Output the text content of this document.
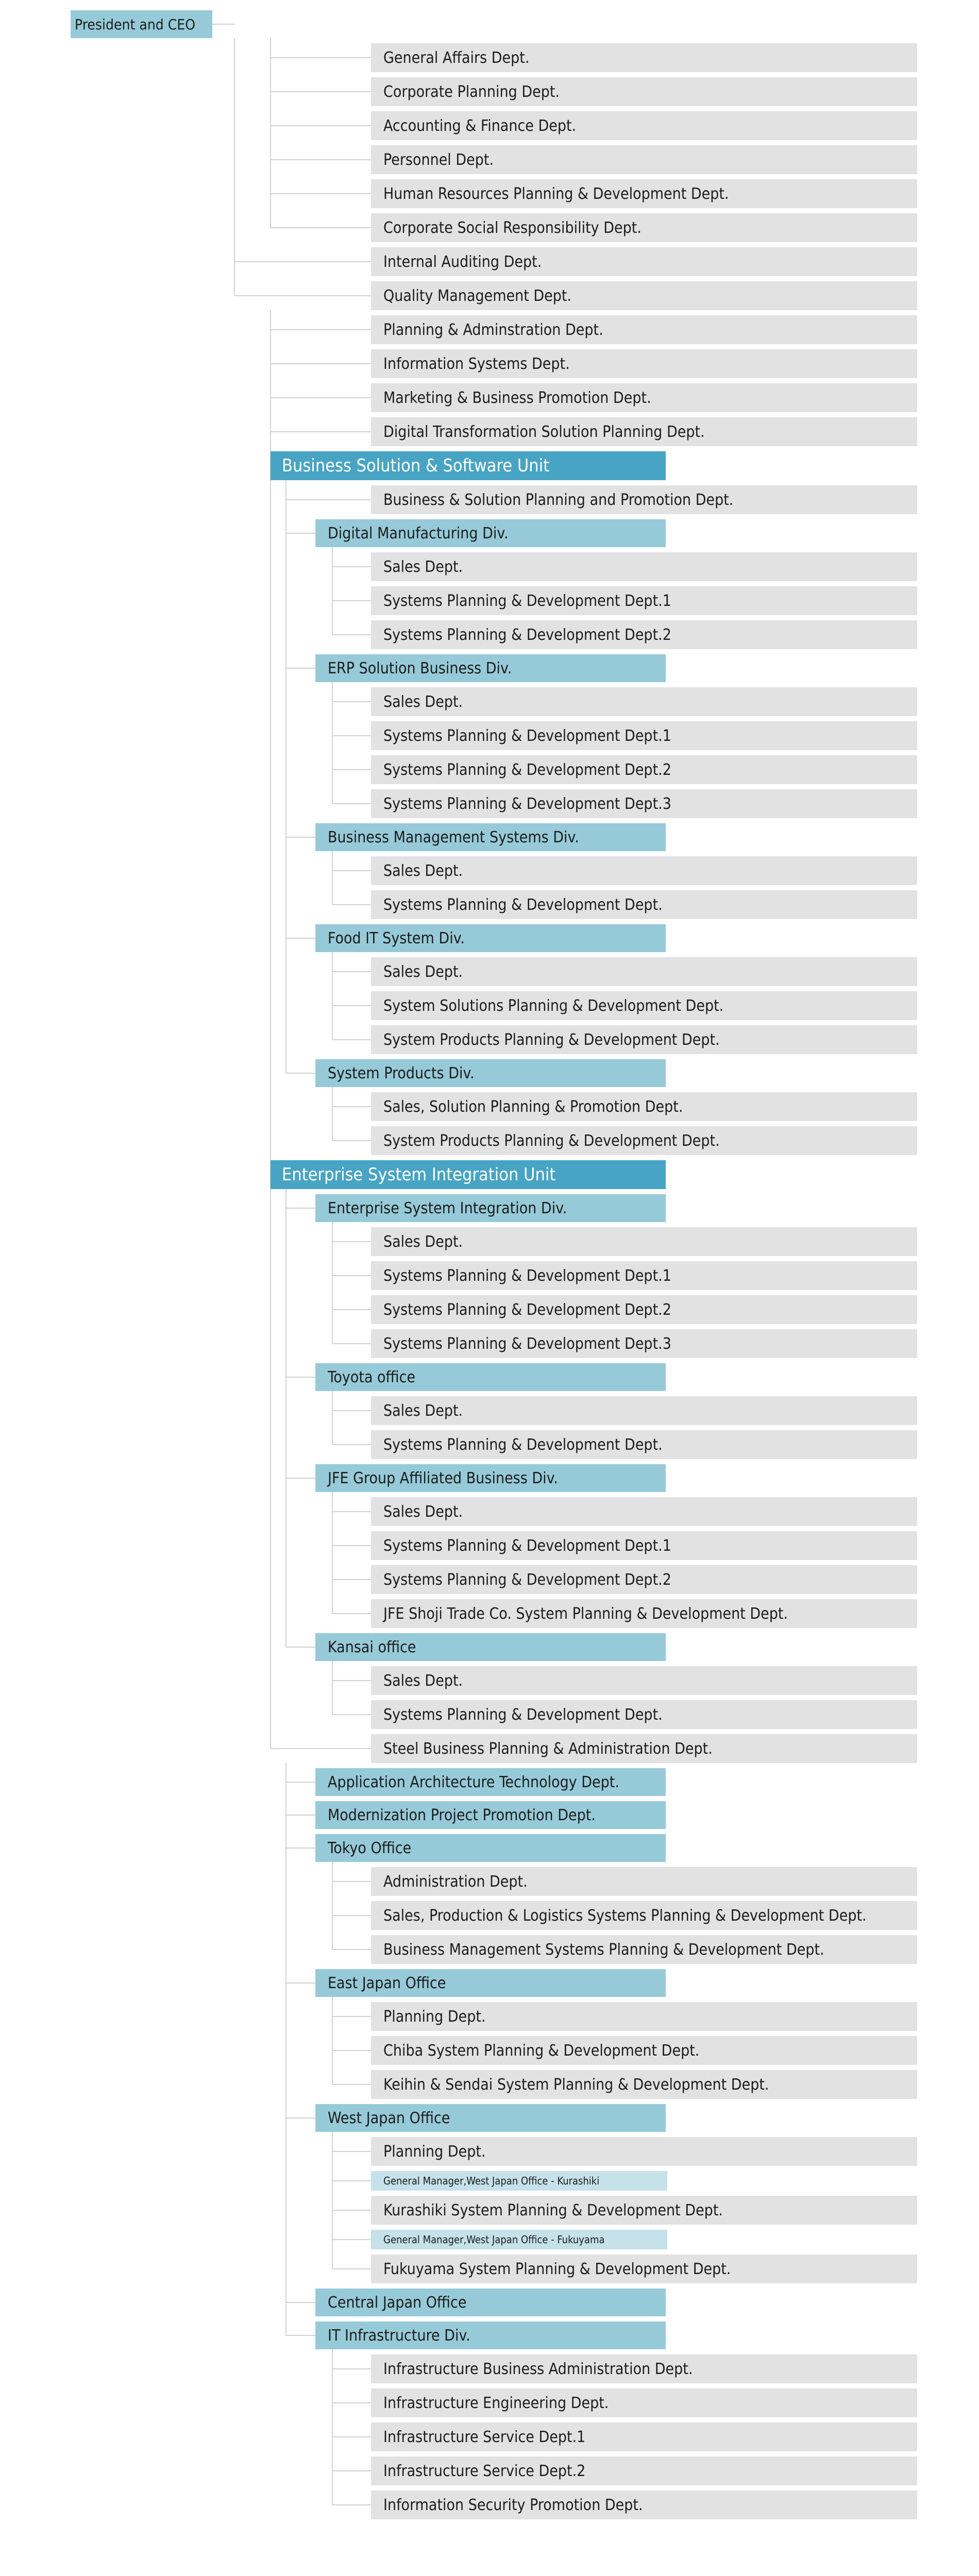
President and CEO
General Affairs Dept.
Corporate Planning Dept.
Accounting & Finance Dept.
Personnel Dept.
Human Resources Planning & Development Dept.
Corporate Social Responsibility Dept.
Internal Auditing Dept.
Quality Management Dept.
Planning & Adminstration Dept.
Information Systems Dept.
Marketing & Business Promotion Dept.
Digital Transformation Solution Planning Dept.
Business Solution & Software Unit
Business & Solution Planning and Promotion Dept.
Digital Manufacturing Div.
Sales Dept.
Systems Planning & Development Dept.1
Systems Planning & Development Dept.2
ERP Solution Business Div.
Sales Dept.
Systems Planning & Development Dept.1
Systems Planning & Development Dept.2
Systems Planning & Development Dept.3
Business Management Systems Div.
Sales Dept.
Systems Planning & Development Dept.
Food IT System Div.
Sales Dept.
System Solutions Planning & Development Dept.
System Products Planning & Development Dept.
System Products Div.
Sales, Solution Planning & Promotion Dept.
System Products Planning & Development Dept.
Enterprise System Integration Unit
Enterprise System Integration Div.
Sales Dept.
Systems Planning & Development Dept.1
Systems Planning & Development Dept.2
Systems Planning & Development Dept.3
Toyota office
Sales Dept.
Systems Planning & Development Dept.
JFE Group Affiliated Business Div.
Sales Dept.
Systems Planning & Development Dept.1
Systems Planning & Development Dept.2
JFE Shoji Trade Co. System Planning & Development Dept.
Kansai office
Sales Dept.
Systems Planning & Development Dept.
Steel Business Planning & Administration Dept.
Application Architecture Technology Dept.
Modernization Project Promotion Dept.
Tokyo Office
Administration Dept.
Sales, Production & Logistics Systems Planning & Development Dept.
Business Management Systems Planning & Development Dept.
East Japan Office
Planning Dept.
Chiba System Planning & Development Dept.
Keihin & Sendai System Planning & Development Dept.
West Japan Office
Planning Dept.
General Manager,West Japan Office - Kurashiki
Kurashiki System Planning & Development Dept.
General Manager,West Japan Office - Fukuyama
Fukuyama System Planning & Development Dept.
Central Japan Office
IT Infrastructure Div.
Infrastructure Business Administration Dept.
Infrastructure Engineering Dept.
Infrastructure Service Dept.1
Infrastructure Service Dept.2
Information Security Promotion Dept.
